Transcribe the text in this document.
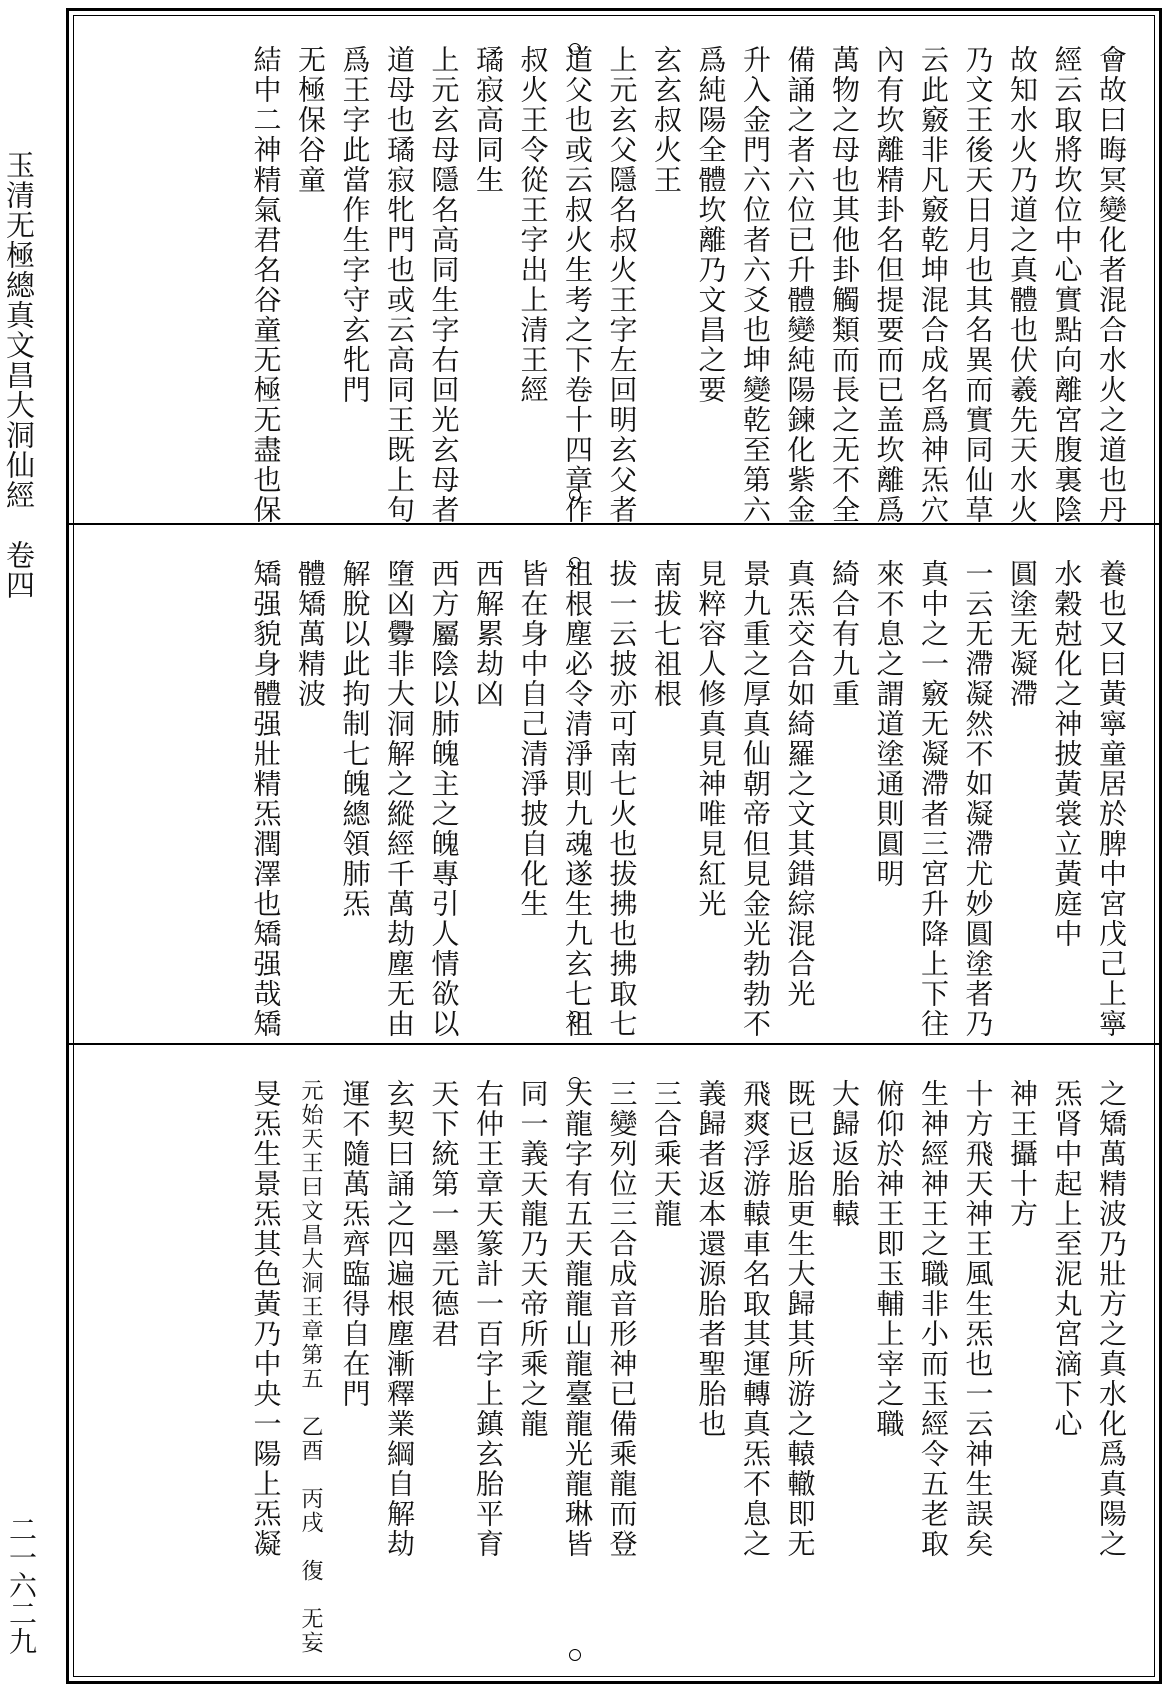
玉清无極總真文昌大洞仙經　卷四
二一六二九
會故曰晦冥變化者混合水火之道也丹
經云取將坎位中心實點向離宮腹裏陰
故知水火乃道之真體也伏羲先天水火
乃文王後天日月也其名異而實同仙草
云此竅非凡竅乾坤混合成名爲神炁穴
內有坎離精卦名但提要而已盖坎離爲
萬物之母也其他卦觸類而長之无不全
備誦之者六位已升體變純陽鍊化紫金
升入金門六位者六爻也坤變乾至第六
爲純陽全體坎離乃文昌之要
玄玄叔火王
上元玄父隱名叔火王字左回明玄父者
道父也或云叔火生考之下卷十四章作
叔火王令從王字出上清王經
璚寂高同生
上元玄母隱名高同生字右回光玄母者
道母也璚寂牝門也或云高同王既上句
爲王字此當作生字守玄牝門
无極保谷童
結中二神精氣君名谷童无極无盡也保
養也又曰黃寧童居於脾中宮戊己上寧
水穀尅化之神披黃裳立黃庭中
圓塗无凝滯
一云无滯凝然不如凝滯尤妙圓塗者乃
真中之一竅无凝滯者三宮升降上下往
來不息之謂道塗通則圓明
綺合有九重
真炁交合如綺羅之文其錯綜混合光
景九重之厚真仙朝帝但見金光勃勃不
見粹容人修真見神唯見紅光
南拔七祖根
拔一云披亦可南七火也拔拂也拂取七
祖根塵必令清淨則九魂遂生九玄七祖
皆在身中自己清淨披自化生
西解累劫凶
西方屬陰以肺魄主之魄專引人情欲以
墮凶釁非大洞解之縱經千萬劫塵无由
解脫以此拘制七魄總領肺炁
體矯萬精波
矯强貌身體强壯精炁潤澤也矯强哉矯
之矯萬精波乃壯方之真水化爲真陽之
炁肾中起上至泥丸宮滴下心
神王攝十方
十方飛天神王風生炁也一云神生誤矣
生神經神王之職非小而玉經令五老取
俯仰於神王即玉輔上宰之職
大歸返胎轅
既已返胎更生大歸其所游之轅轍即无
飛爽浮游轅車名取其運轉真炁不息之
義歸者返本還源胎者聖胎也
三合乘天龍
三變列位三合成音形神已備乘龍而登
天龍字有五天龍龍山龍臺龍光龍琳皆
同一義天龍乃天帝所乘之龍
右仲王章天篆計一百字上鎮玄胎平育
天下統第一墨元德君
玄契曰誦之四遍根塵漸釋業綱自解劫
運不隨萬炁齊臨得自在門
元始天王曰文昌大洞王章第五　乙酉　丙戌　復　无妄
旻炁生景炁其色黃乃中央一陽上炁凝
